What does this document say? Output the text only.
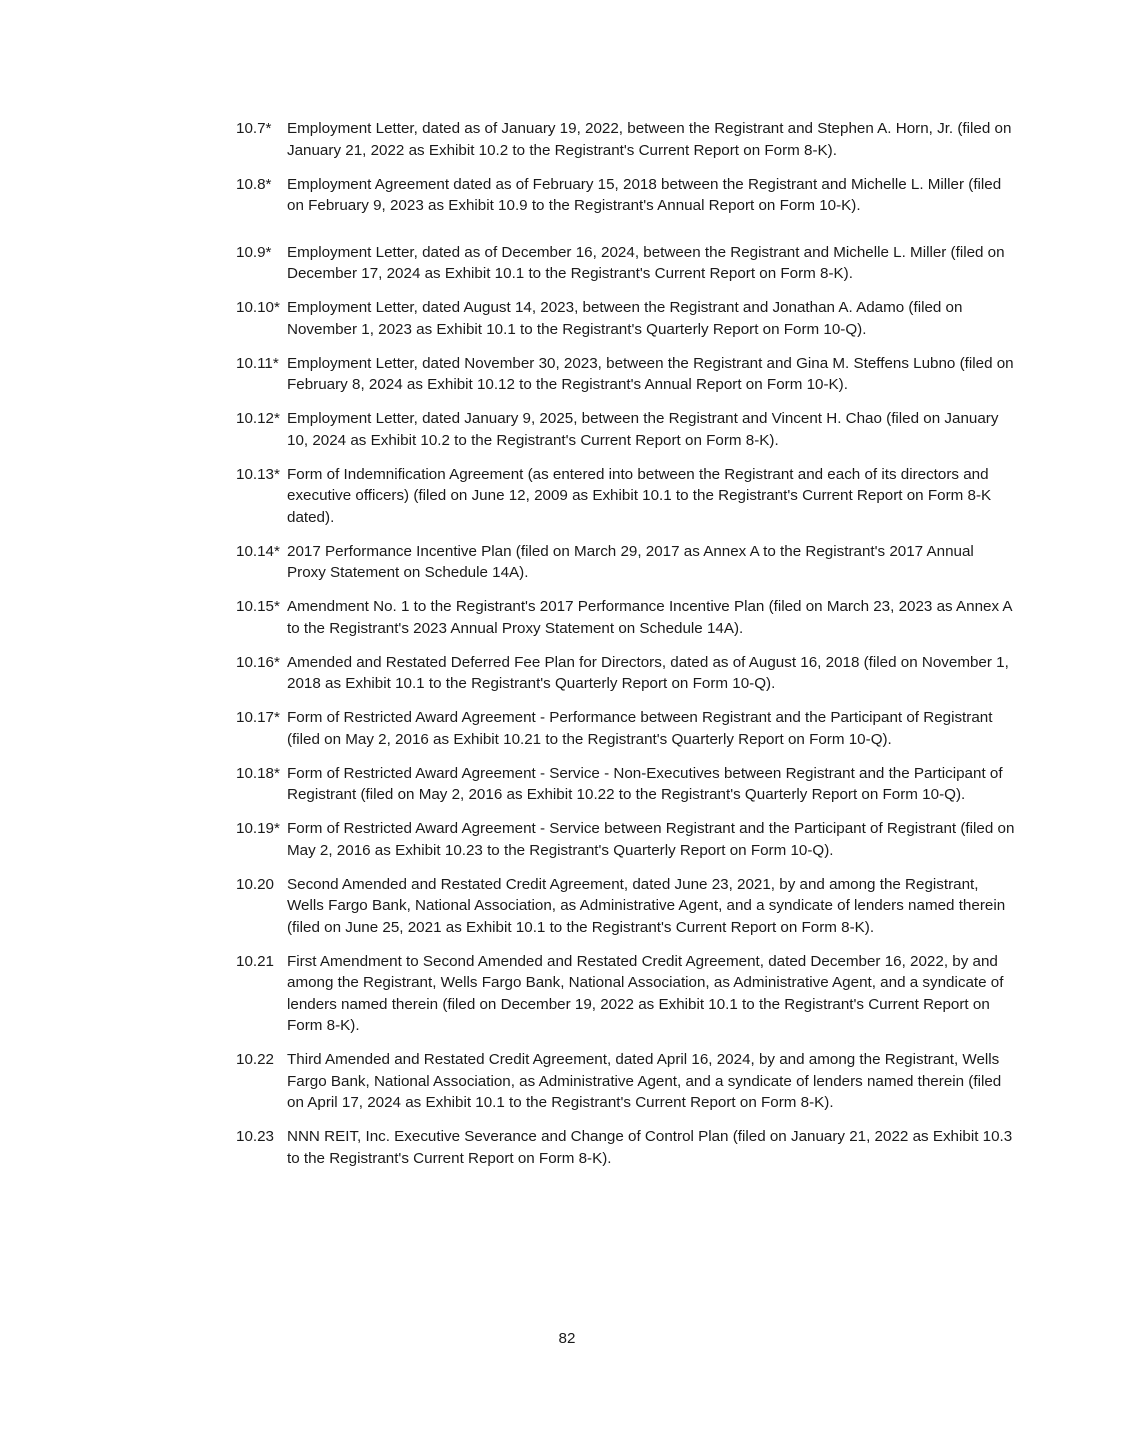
10.7*	Employment Letter, dated as of January 19, 2022, between the Registrant and Stephen A. Horn, Jr. (filed on January 21, 2022 as Exhibit 10.2 to the Registrant's Current Report on Form 8-K).
10.8*	Employment Agreement dated as of February 15, 2018 between the Registrant and Michelle L. Miller (filed on February 9, 2023 as Exhibit 10.9 to the Registrant's Annual Report on Form 10-K).
10.9*	Employment Letter, dated as of December 16, 2024, between the Registrant and Michelle L. Miller (filed on December 17, 2024 as Exhibit 10.1 to the Registrant's Current Report on Form 8-K).
10.10* Employment Letter, dated August 14, 2023, between the Registrant and Jonathan A. Adamo (filed on November 1, 2023 as Exhibit 10.1 to the Registrant's Quarterly Report on Form 10-Q).
10.11* Employment Letter, dated November 30, 2023, between the Registrant and Gina M. Steffens Lubno (filed on February 8, 2024 as Exhibit 10.12 to the Registrant's Annual Report on Form 10-K).
10.12* Employment Letter, dated January 9, 2025, between the Registrant and Vincent H. Chao (filed on January 10, 2024 as Exhibit 10.2 to the Registrant's Current Report on Form 8-K).
10.13* Form of Indemnification Agreement (as entered into between the Registrant and each of its directors and executive officers) (filed on June 12, 2009 as Exhibit 10.1 to the Registrant's Current Report on Form 8-K dated).
10.14* 2017 Performance Incentive Plan (filed on March 29, 2017 as Annex A to the Registrant's 2017 Annual Proxy Statement on Schedule 14A).
10.15* Amendment No. 1 to the Registrant's 2017 Performance Incentive Plan (filed on March 23, 2023 as Annex A to the Registrant's 2023 Annual Proxy Statement on Schedule 14A).
10.16* Amended and Restated Deferred Fee Plan for Directors, dated as of August 16, 2018 (filed on November 1, 2018 as Exhibit 10.1 to the Registrant's Quarterly Report on Form 10-Q).
10.17* Form of Restricted Award Agreement - Performance between Registrant and the Participant of Registrant (filed on May 2, 2016 as Exhibit 10.21 to the Registrant's Quarterly Report on Form 10-Q).
10.18* Form of Restricted Award Agreement - Service - Non-Executives between Registrant and the Participant of Registrant (filed on May 2, 2016 as Exhibit 10.22 to the Registrant's Quarterly Report on Form 10-Q).
10.19* Form of Restricted Award Agreement - Service between Registrant and the Participant of Registrant (filed on May 2, 2016 as Exhibit 10.23 to the Registrant's Quarterly Report on Form 10-Q).
10.20 Second Amended and Restated Credit Agreement, dated June 23, 2021, by and among the Registrant, Wells Fargo Bank, National Association, as Administrative Agent, and a syndicate of lenders named therein (filed on June 25, 2021 as Exhibit 10.1 to the Registrant's Current Report on Form 8-K).
10.21 First Amendment to Second Amended and Restated Credit Agreement, dated December 16, 2022, by and among the Registrant, Wells Fargo Bank, National Association, as Administrative Agent, and a syndicate of lenders named therein (filed on December 19, 2022 as Exhibit 10.1 to the Registrant's Current Report on Form 8-K).
10.22 Third Amended and Restated Credit Agreement, dated April 16, 2024, by and among the Registrant, Wells Fargo Bank, National Association, as Administrative Agent, and a syndicate of lenders named therein (filed on April 17, 2024 as Exhibit 10.1 to the Registrant's Current Report on Form 8-K).
10.23 NNN REIT, Inc. Executive Severance and Change of Control Plan (filed on January 21, 2022 as Exhibit 10.3 to the Registrant's Current Report on Form 8-K).
82
